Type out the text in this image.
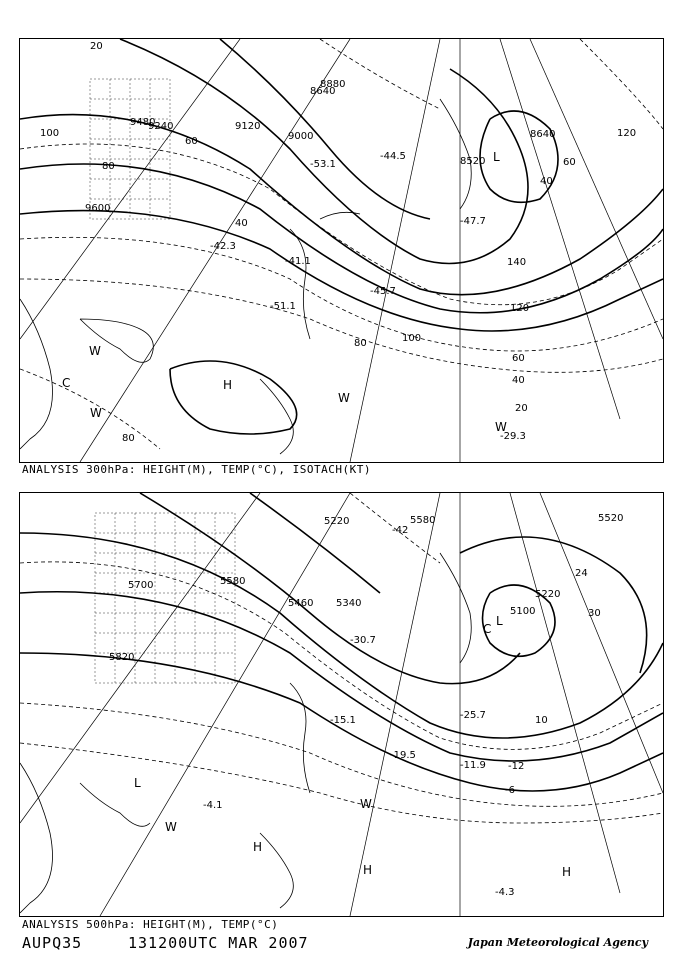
9240	9120
9000
8880
8640
8520
8640
9480
9600
20
40
60
80
100
120
140
20
40
60
80
100	120
40
60
80	-29.3
-41.1
-42.3
-45.7
-47.7
-51.1
-53.1
-44.5
H
L
W
C
W
W
W
ANALYSIS 300hPa: HEIGHT(M), TEMP(°C), ISOTACH(KT)
5220
5340
5460
5580
5700
5820
5100
5220
5520
5580
-4.1
-4.3
-11.9
-15.1
-19.5
-25.7
-30.7
-42
24
30
10
-12
-6
H
H	H
L
W
L
W
C
ANALYSIS 500hPa: HEIGHT(M), TEMP(°C)
AUPQ35	131200UTC MAR 2007	Japan Meteorological Agency
